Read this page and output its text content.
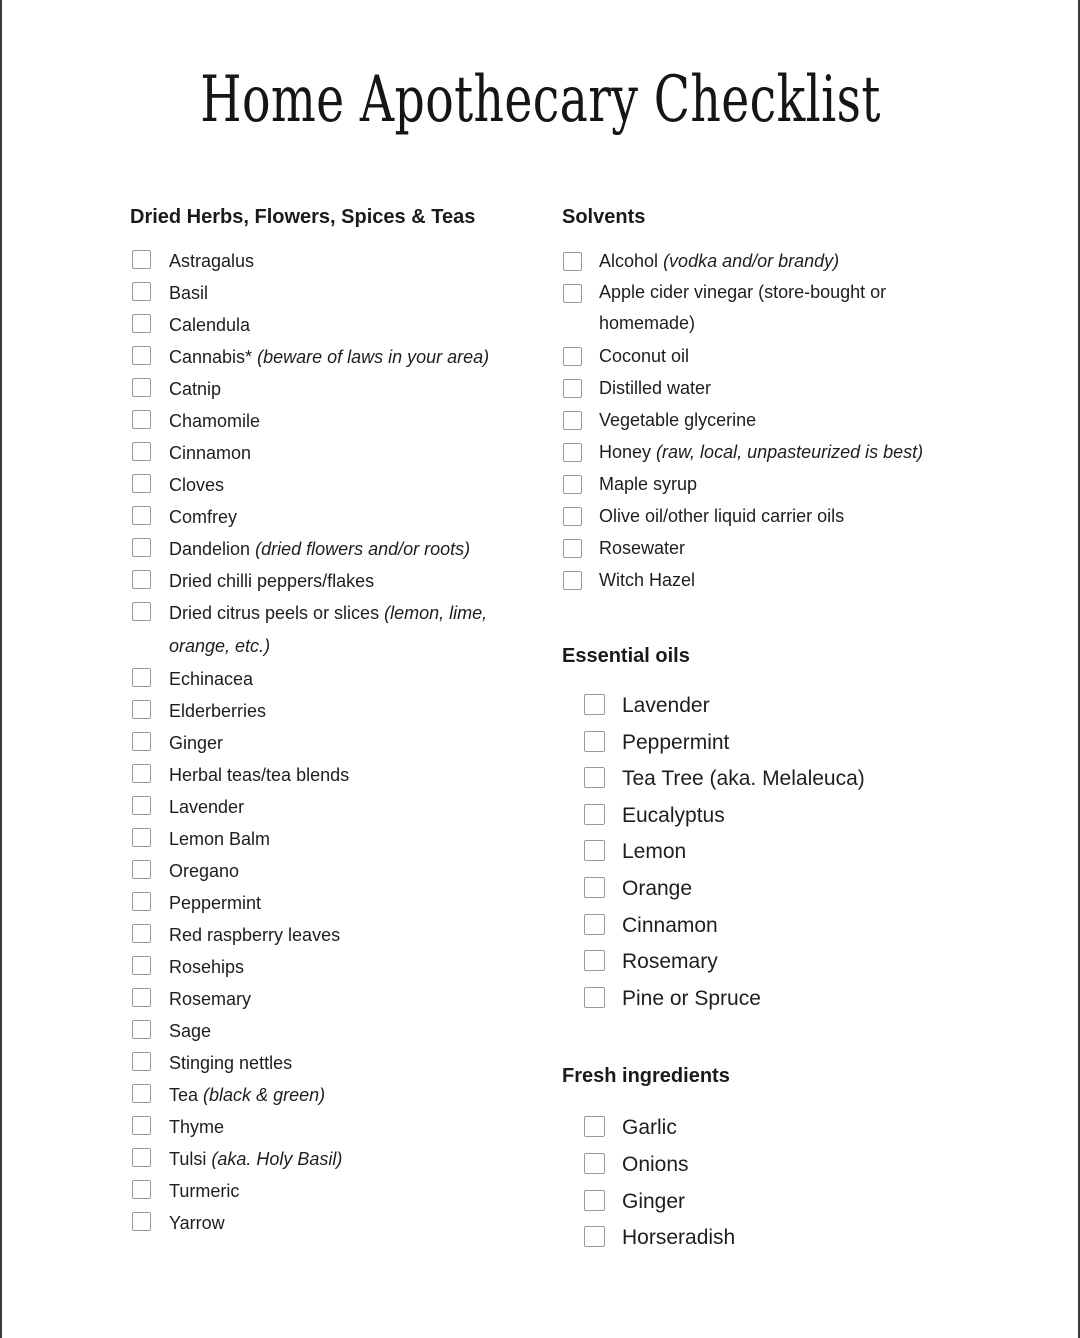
Home Apothecary Checklist
Dried Herbs, Flowers, Spices & Teas
Astragalus
Basil
Calendula
Cannabis* (beware of laws in your area)
Catnip
Chamomile
Cinnamon
Cloves
Comfrey
Dandelion (dried flowers and/or roots)
Dried chilli peppers/flakes
Dried citrus peels or slices (lemon, lime, orange, etc.)
Echinacea
Elderberries
Ginger
Herbal teas/tea blends
Lavender
Lemon Balm
Oregano
Peppermint
Red raspberry leaves
Rosehips
Rosemary
Sage
Stinging nettles
Tea (black & green)
Thyme
Tulsi (aka. Holy Basil)
Turmeric
Yarrow
Solvents
Alcohol (vodka and/or brandy)
Apple cider vinegar (store-bought or homemade)
Coconut oil
Distilled water
Vegetable glycerine
Honey (raw, local, unpasteurized is best)
Maple syrup
Olive oil/other liquid carrier oils
Rosewater
Witch Hazel
Essential oils
Lavender
Peppermint
Tea Tree (aka. Melaleuca)
Eucalyptus
Lemon
Orange
Cinnamon
Rosemary
Pine or Spruce
Fresh ingredients
Garlic
Onions
Ginger
Horseradish
